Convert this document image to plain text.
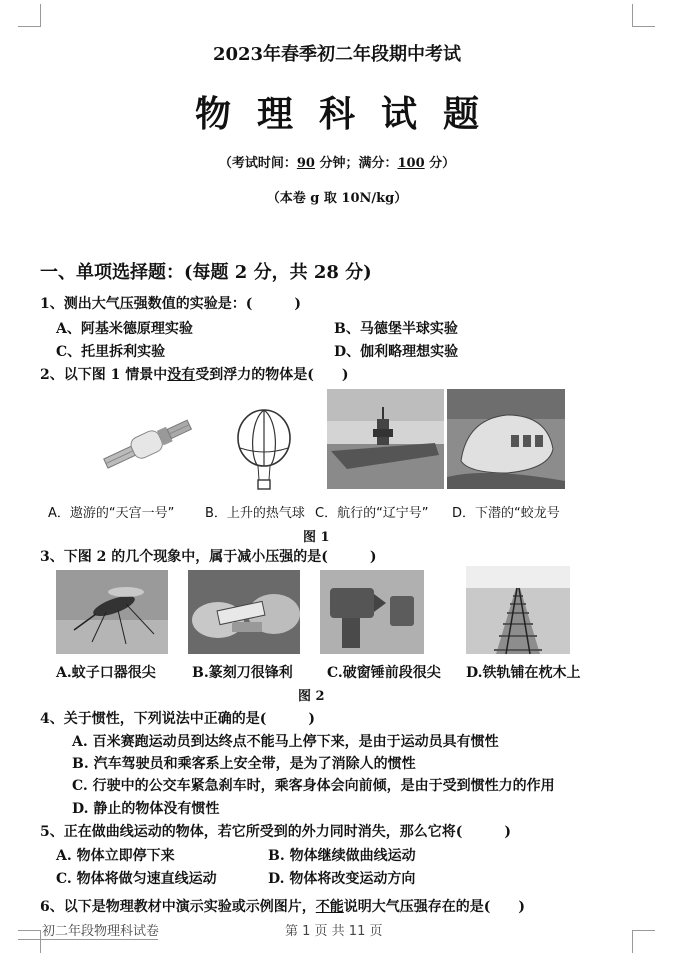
2023年春季初二年段期中考试
物理科试题
（考试时间：90 分钟；满分：100 分）
（本卷 g 取 10N/kg）
一、单项选择题：(每题 2 分，共 28 分)
1、测出大气压强数值的实验是：(　　　)
A、阿基米德原理实验	B、马德堡半球实验
C、托里拆利实验	D、伽利略理想实验
2、以下图 1 情景中没有受到浮力的物体是(　　)
A．遨游的“天宫一号” B．上升的热气球 C．航行的“辽宁号” D．下潜的“蛟龙号
图 1
3、下图 2 的几个现象中，属于减小压强的是(　　　)
A.蚊子口器很尖	B.篆刻刀很锋利 C.破窗锤前段很尖 D.铁轨铺在枕木上
图 2
4、关于惯性，下列说法中正确的是(　　　)
A. 百米赛跑运动员到达终点不能马上停下来，是由于运动员具有惯性
B. 汽车驾驶员和乘客系上安全带，是为了消除人的惯性
C. 行驶中的公交车紧急刹车时，乘客身体会向前倾，是由于受到惯性力的作用
D. 静止的物体没有惯性
5、正在做曲线运动的物体，若它所受到的外力同时消失，那么它将(　　　)
A. 物体立即停下来	B. 物体继续做曲线运动
C. 物体将做匀速直线运动	D. 物体将改变运动方向
6、以下是物理教材中演示实验或示例图片，不能说明大气压强存在的是(　　)
初二年段物理科试卷	第 1 页 共 11 页
